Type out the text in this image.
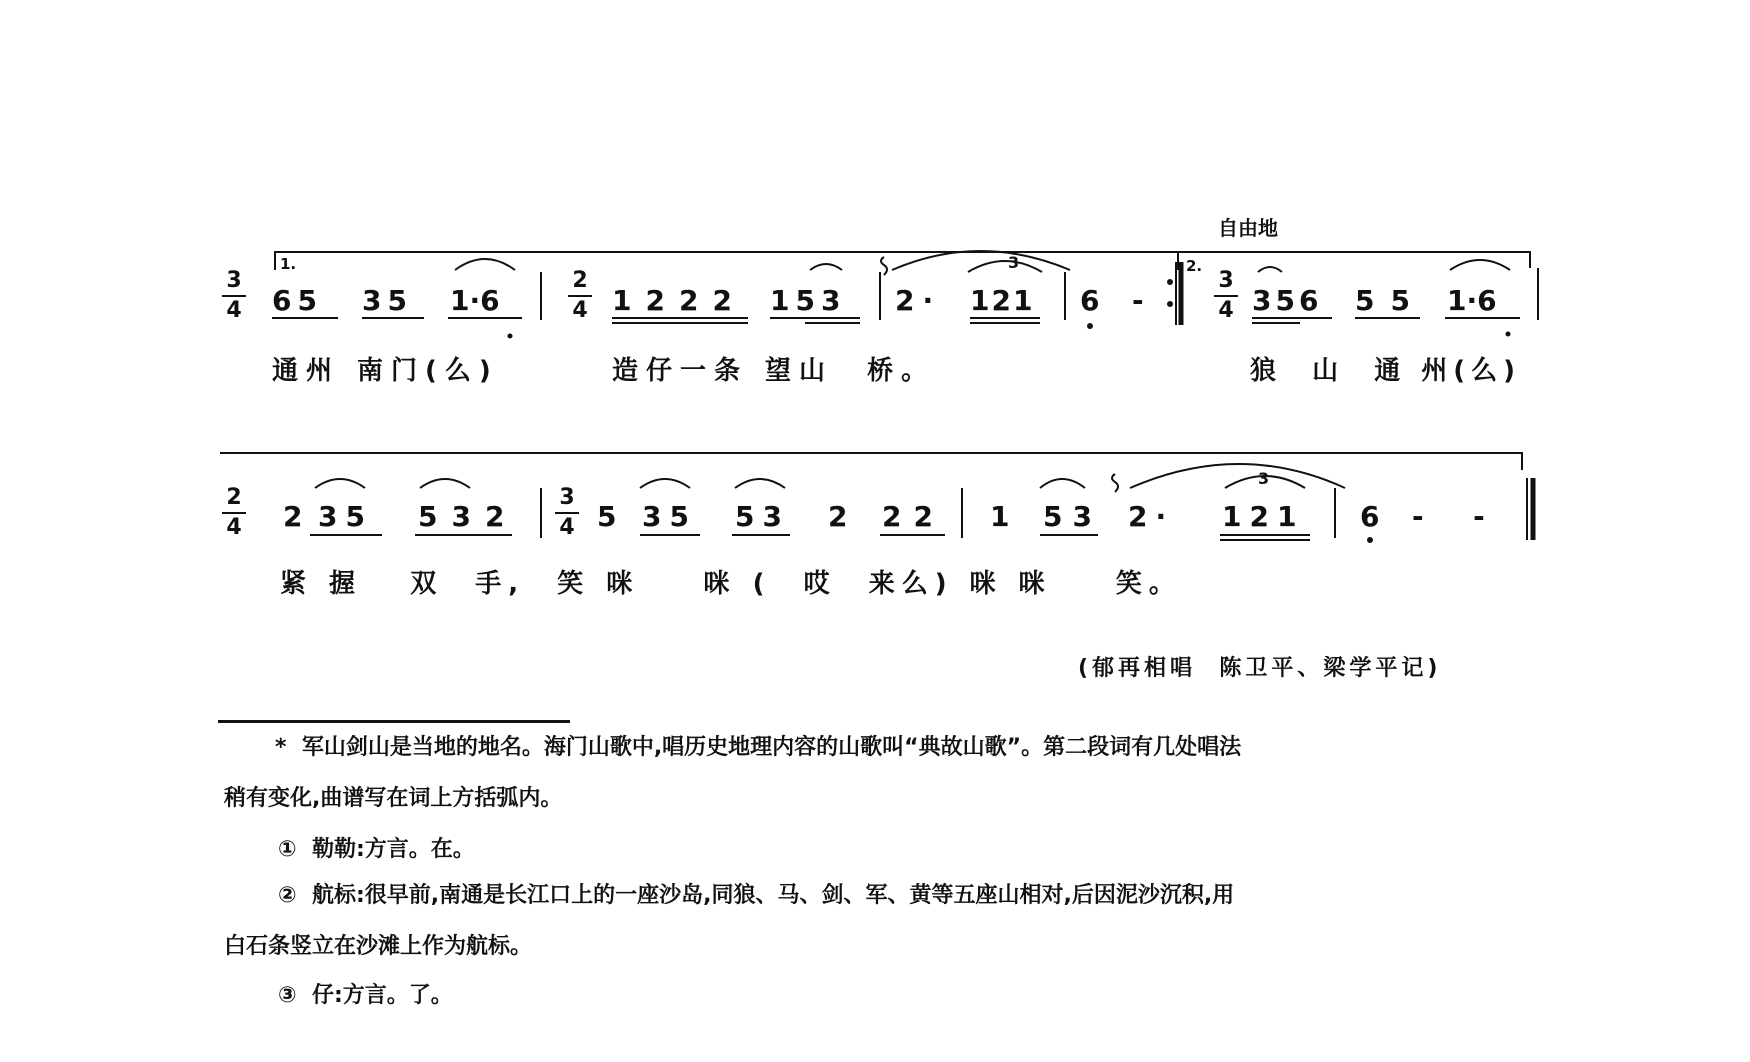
3
自由地
1.	2.
3
4
2
4
3
4
65 35 1·6	1222 153 2· 121 6 -	356 55 1·6
通州 南门(么)	造仔一条 望山  桥。	狼  山  通 州(么)
3
2
4
3
4
2 35 532	5 35 53 2 22 1 53 2· 121 6 -  -
紧 握   双  手,  笑 咪    咪 (  哎  来么) 咪 咪    笑。
(郁再相唱  陈卫平、梁学平记)
*  军山剑山是当地的地名。海门山歌中,唱历史地理内容的山歌叫“典故山歌”。第二段词有几处唱法
稍有变化,曲谱写在词上方括弧内。
①  勒勒:方言。在。
②  航标:很早前,南通是长江口上的一座沙岛,同狼、马、剑、军、黄等五座山相对,后因泥沙沉积,用
白石条竖立在沙滩上作为航标。
③  仔:方言。了。
